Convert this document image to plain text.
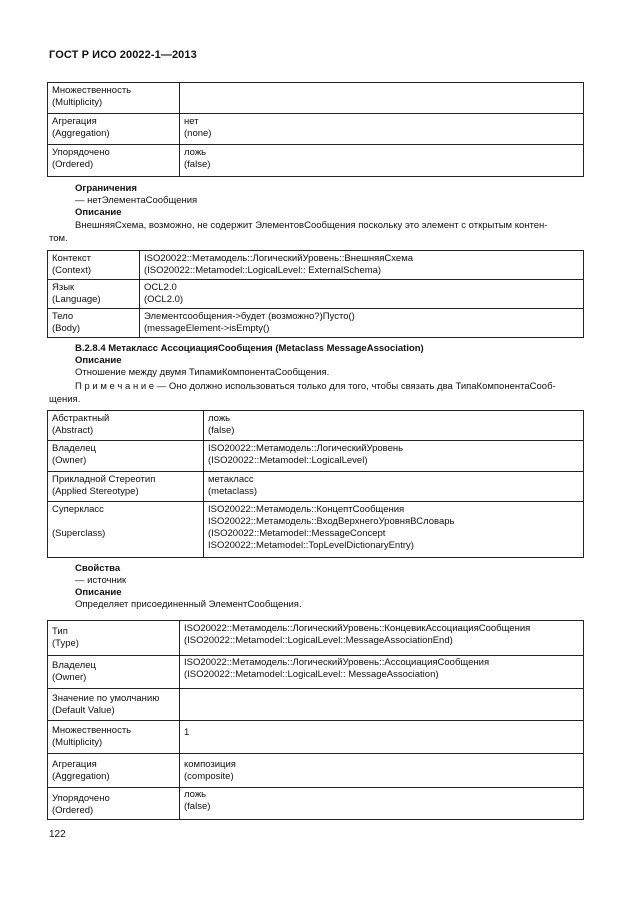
ГОСТ Р ИСО 20022-1—2013
Множественность
(Multiplicity)	

Агрегация
(Aggregation)	нет
(none)

Упорядочено
(Ordered)	ложь
(false)
Ограничения
— нетЭлементаСообщения
Описание
ВнешняяСхема, возможно, не содержит ЭлементовСообщения поскольку это элемент с открытым контен-
том.
Контекст
(Context)	ISO20022::Метамодель::ЛогическийУровень::ВнешняяСхема
(ISO20022::Metamodel::LogicalLevel:: ExternalSchema)

Язык
(Language)	OCL2.0
(OCL2.0)

Тело
(Body)	Элементсообщения->будет (возможно?)Пусто()
(messageElement->isEmpty()
B.2.8.4 Метакласс АссоциацияСообщения (Metaclass MessageAssociation)
Описание
Отношение между двумя ТипамиКомпонентаСообщения.
П р и м е ч а н и е — Оно должно использоваться только для того, чтобы связать два ТипаКомпонентаСооб-
щения.
Абстрактный
(Abstract)	ложь
(false)

Владелец
(Owner)	ISO20022::Метамодель::ЛогическийУровень
(ISO20022::Metamodel::LogicalLevel)

Прикладной Стереотип
(Applied Stereotype)	метакласс
(metaclass)

Суперкласс
(Superclass)	ISO20022::Метамодель::КонцептСообщения
ISO20022::Метамодель::ВходВерхнегоУровняВСловарь
(ISO20022::Metamodel::MessageConcept
ISO20022::Metamodel::TopLevelDictionaryEntry)
Свойства
— источник
Описание
Определяет присоединенный ЭлементСообщения.
Тип
(Type)	ISO20022::Метамодель::ЛогическийУровень::КонцевикАссоциацияСообщения
(ISO20022::Metamodel::LogicalLevel::MessageAssociationEnd)

Владелец
(Owner)	ISO20022::Метамодель::ЛогическийУровень::АссоциацияСообщения
(ISO20022::Metamodel::LogicalLevel:: MessageAssociation)

Значение по умолчанию
(Default Value)	

Множественность
(Multiplicity)	1

Агрегация
(Aggregation)	композиция
(composite)

Упорядочено
(Ordered)	ложь
(false)
122
